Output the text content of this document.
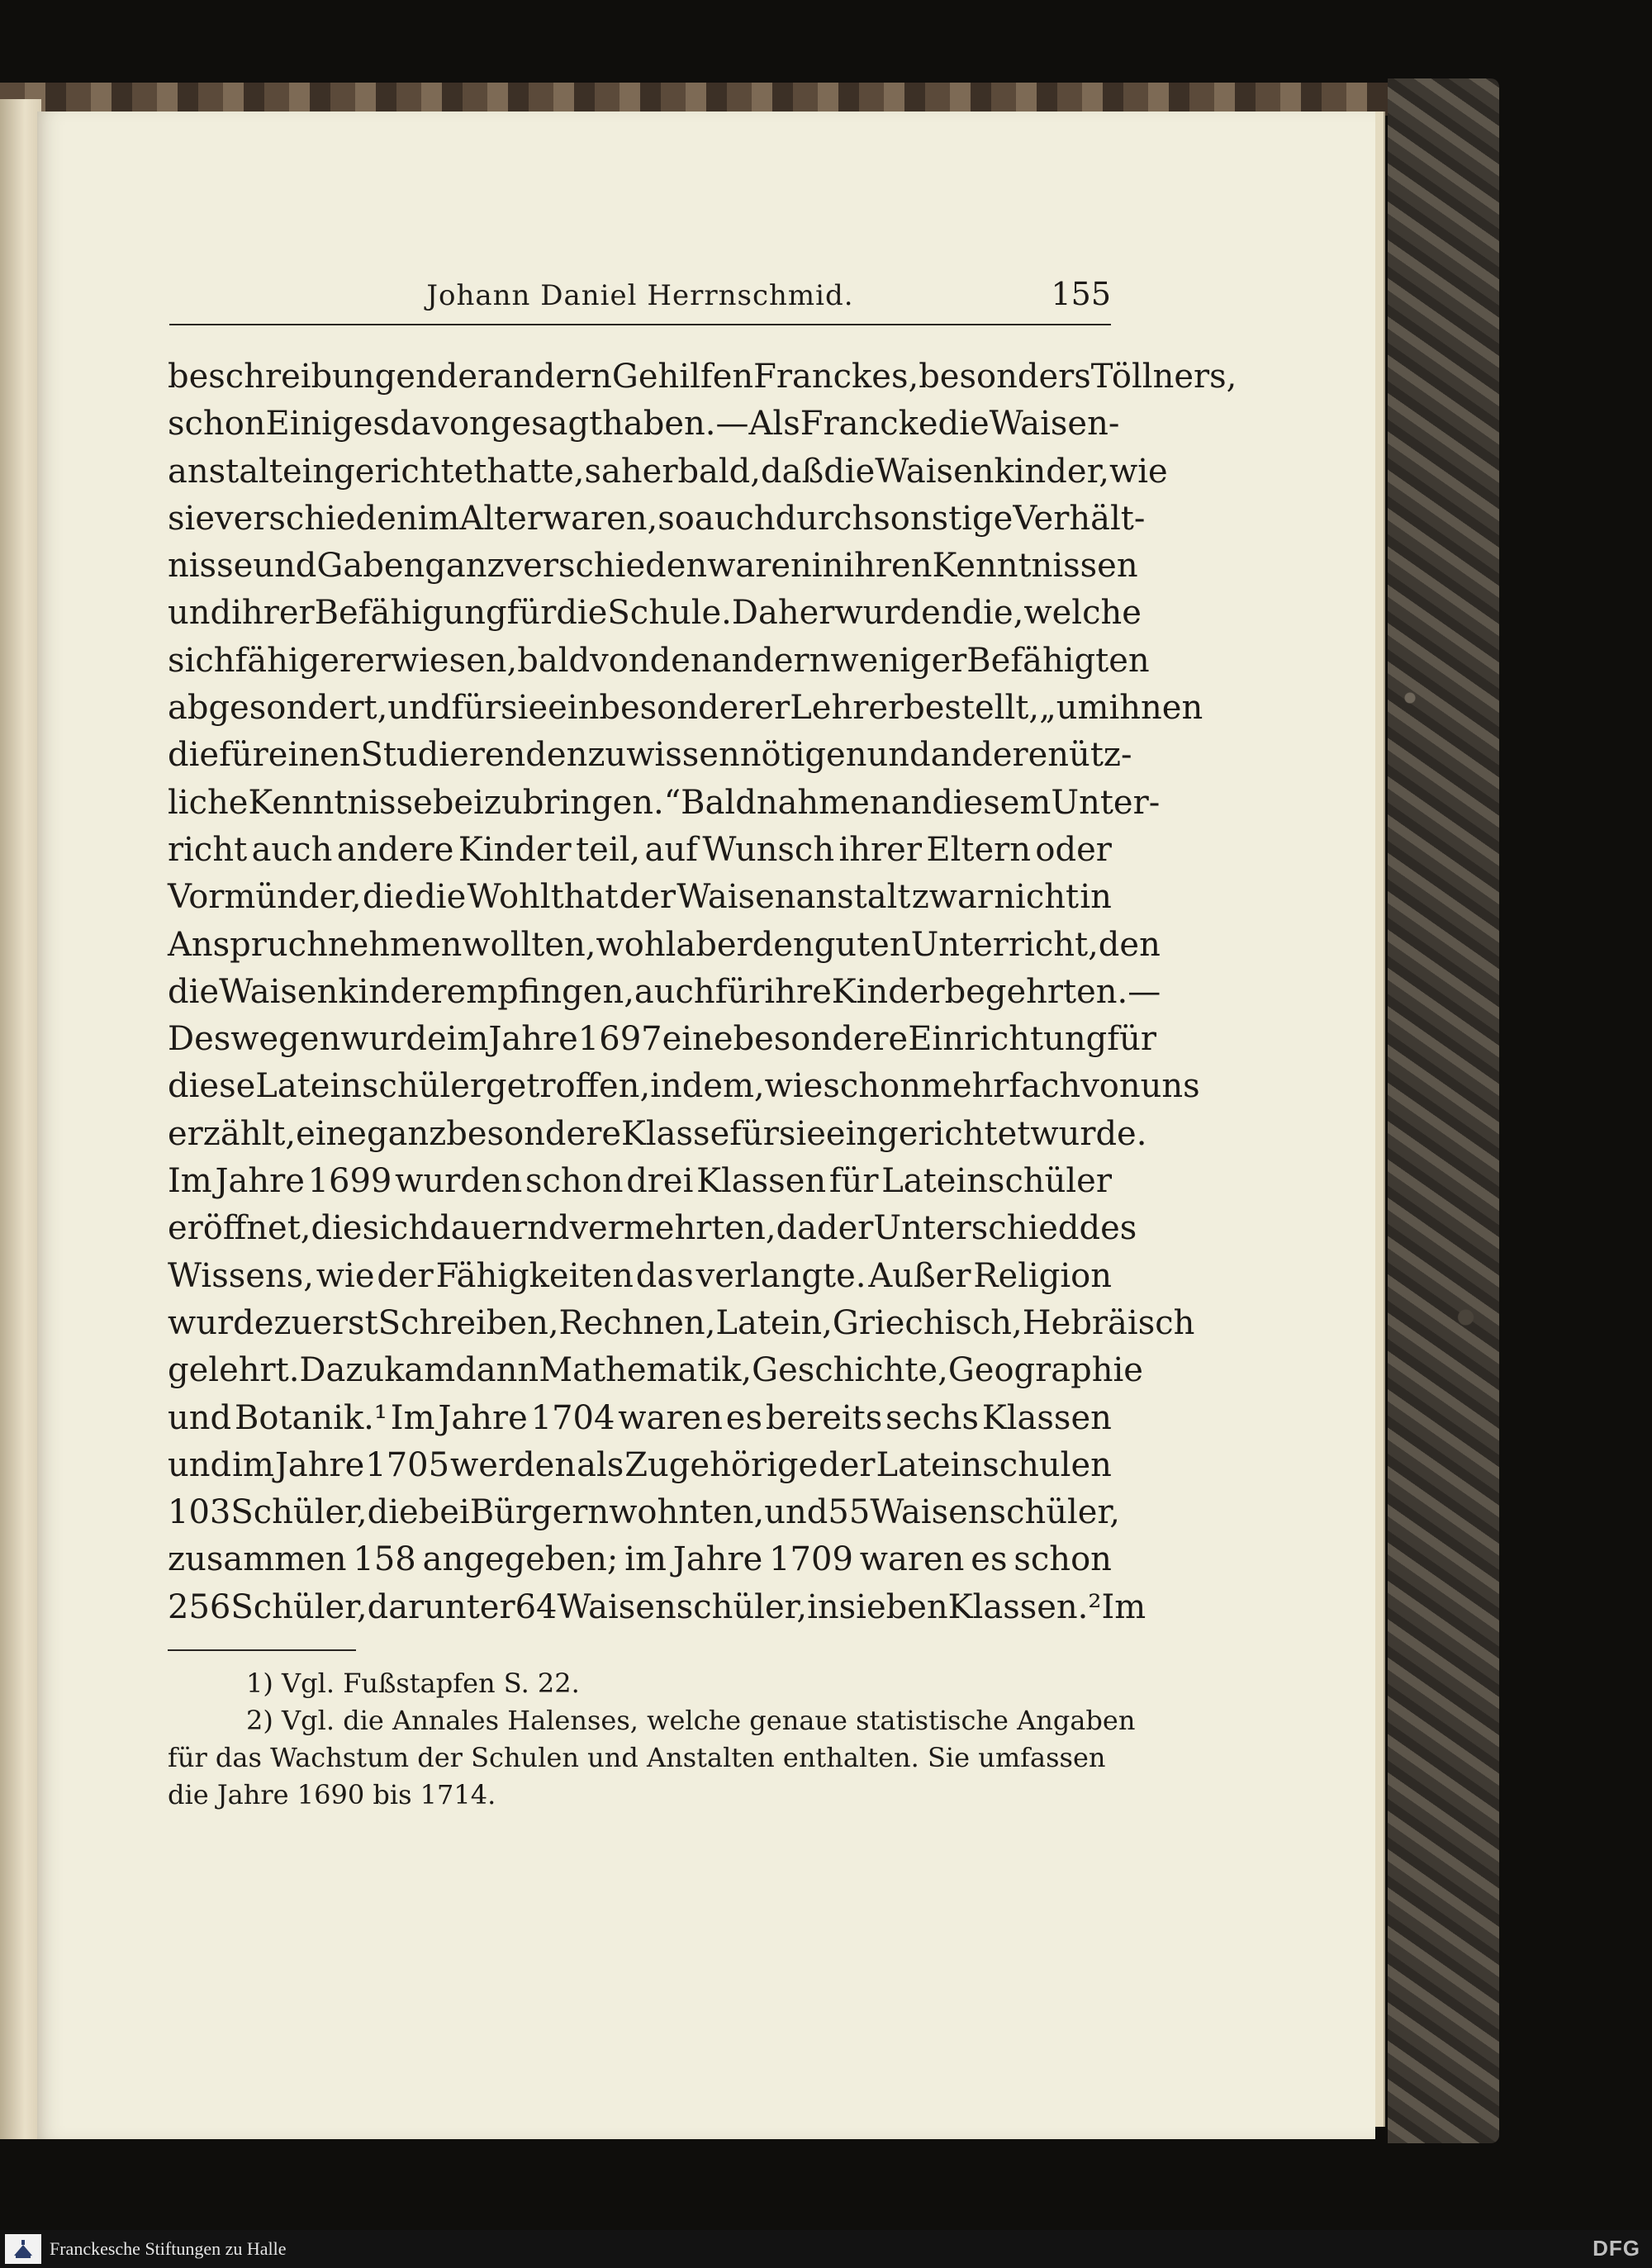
Johann Daniel Herrnschmid.	155
beschreibungen der andern Gehilfen Franckes, besonders Töllners,
schon Einiges davon gesagt haben. — Als Francke die Waisen-
anstalt eingerichtet hatte, sah er bald, daß die Waisenkinder, wie
sie verschieden im Alter waren, so auch durch sonstige Verhält-
nisse und Gaben ganz verschieden waren in ihren Kenntnissen
und ihrer Befähigung für die Schule. Daher wurden die, welche
sich fähiger erwiesen, bald von den andern weniger Befähigten
abgesondert, und für sie ein besonderer Lehrer bestellt, „um ihnen
die für einen Studierenden zu wissen nötigen und andere nütz-
liche Kenntnisse beizubringen.“ Bald nahmen an diesem Unter-
richt auch andere Kinder teil, auf Wunsch ihrer Eltern oder
Vormünder, die die Wohlthat der Waisenanstalt zwar nicht in
Anspruch nehmen wollten, wohl aber den guten Unterricht, den
die Waisenkinder empfingen, auch für ihre Kinder begehrten. —
Deswegen wurde im Jahre 1697 eine besondere Einrichtung für
diese Lateinschüler getroffen, indem, wie schon mehrfach von uns
erzählt, eine ganz besondere Klasse für sie eingerichtet wurde.
Im Jahre 1699 wurden schon drei Klassen für Lateinschüler
eröffnet, die sich dauernd vermehrten, da der Unterschied des
Wissens, wie der Fähigkeiten das verlangte. Außer Religion
wurde zuerst Schreiben, Rechnen, Latein, Griechisch, Hebräisch
gelehrt. Dazu kam dann Mathematik, Geschichte, Geographie
und Botanik.¹ Im Jahre 1704 waren es bereits sechs Klassen
und im Jahre 1705 werden als Zugehörige der Lateinschulen
103 Schüler, die bei Bürgern wohnten, und 55 Waisenschüler,
zusammen 158 angegeben; im Jahre 1709 waren es schon
256 Schüler, darunter 64 Waisenschüler, in sieben Klassen.² Im
1) Vgl. Fußstapfen S. 22.
2) Vgl. die Annales Halenses, welche genaue statistische Angaben
für das Wachstum der Schulen und Anstalten enthalten. Sie umfassen
die Jahre 1690 bis 1714.
Franckesche Stiftungen zu Halle	DFG
